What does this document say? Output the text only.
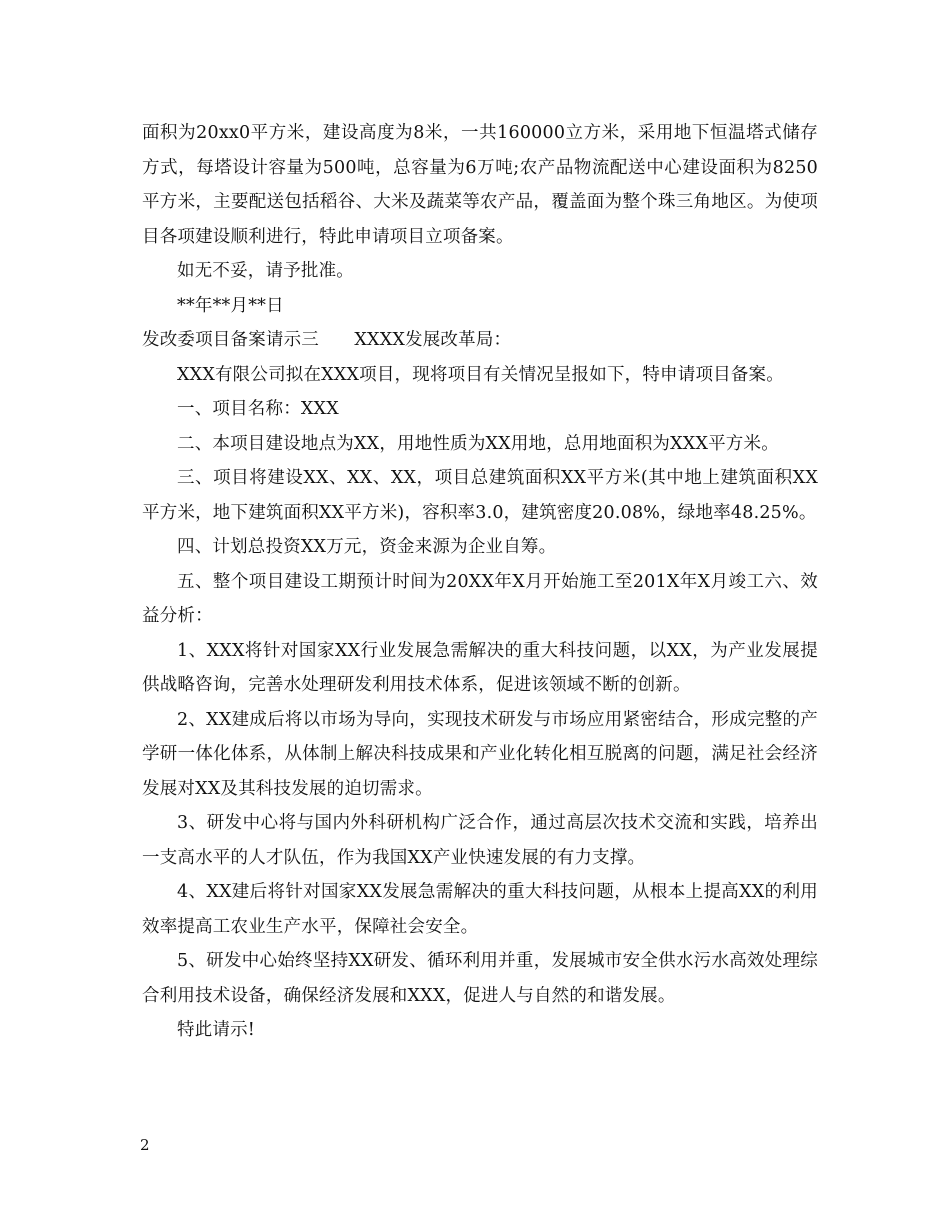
面积为20xx0平方米，建设高度为8米，一共160000立方米，采用地下恒温塔式储存方式，每塔设计容量为500吨，总容量为6万吨;农产品物流配送中心建设面积为8250平方米，主要配送包括稻谷、大米及蔬菜等农产品，覆盖面为整个珠三角地区。为使项目各项建设顺利进行，特此申请项目立项备案。

如无不妥，请予批准。

**年**月**日

发改委项目备案请示三　　XXXX发展改革局：

XXX有限公司拟在XXX项目，现将项目有关情况呈报如下，特申请项目备案。

一、项目名称：XXX

二、本项目建设地点为XX，用地性质为XX用地，总用地面积为XXX平方米。

三、项目将建设XX、XX、XX，项目总建筑面积XX平方米(其中地上建筑面积XX平方米，地下建筑面积XX平方米)，容积率3.0，建筑密度20.08%，绿地率48.25%。

四、计划总投资XX万元，资金来源为企业自筹。

五、整个项目建设工期预计时间为20XX年X月开始施工至201X年X月竣工六、效益分析：

1、XXX将针对国家XX行业发展急需解决的重大科技问题，以XX，为产业发展提供战略咨询，完善水处理研发利用技术体系，促进该领域不断的创新。

2、XX建成后将以市场为导向，实现技术研发与市场应用紧密结合，形成完整的产学研一体化体系，从体制上解决科技成果和产业化转化相互脱离的问题，满足社会经济发展对XX及其科技发展的迫切需求。

3、研发中心将与国内外科研机构广泛合作，通过高层次技术交流和实践，培养出一支高水平的人才队伍，作为我国XX产业快速发展的有力支撑。

4、XX建后将针对国家XX发展急需解决的重大科技问题，从根本上提高XX的利用效率提高工农业生产水平，保障社会安全。

5、研发中心始终坚持XX研发、循环利用并重，发展城市安全供水污水高效处理综合利用技术设备，确保经济发展和XXX，促进人与自然的和谐发展。

特此请示!

2
